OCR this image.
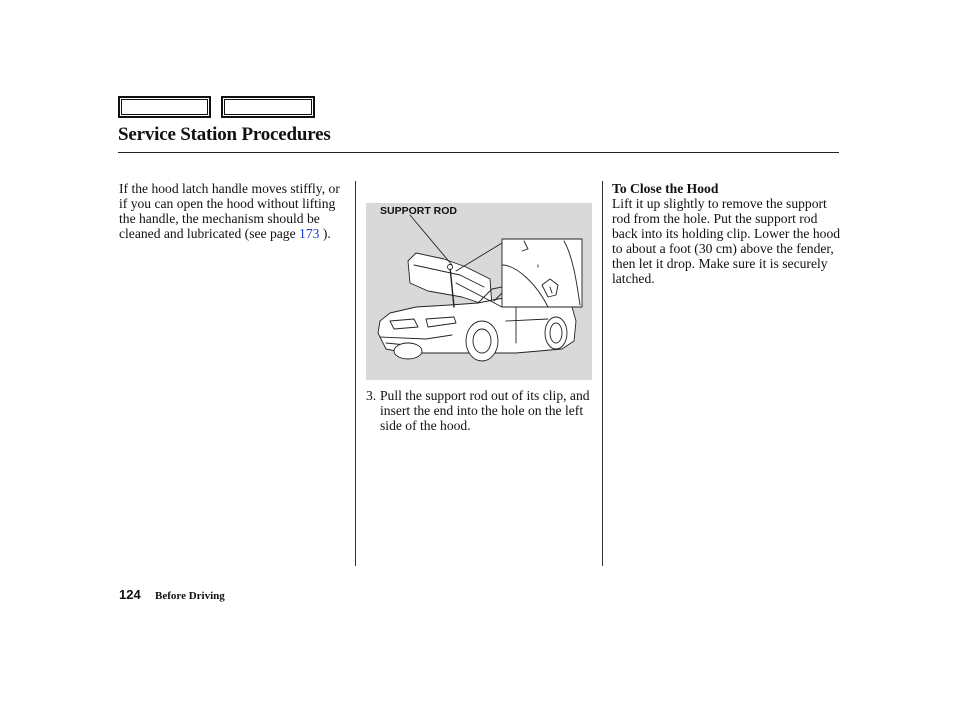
Service Station Procedures
If the hood latch handle moves stiffly, or if you can open the hood without lifting the handle, the mechanism should be cleaned and lubricated (see page 173 ).
SUPPORT ROD
3. Pull the support rod out of its clip, and insert the end into the hole on the left side of the hood.
To Close the Hood
Lift it up slightly to remove the support rod from the hole. Put the support rod back into its holding clip. Lower the hood to about a foot (30 cm) above the fender, then let it drop. Make sure it is securely latched.
124 Before Driving
